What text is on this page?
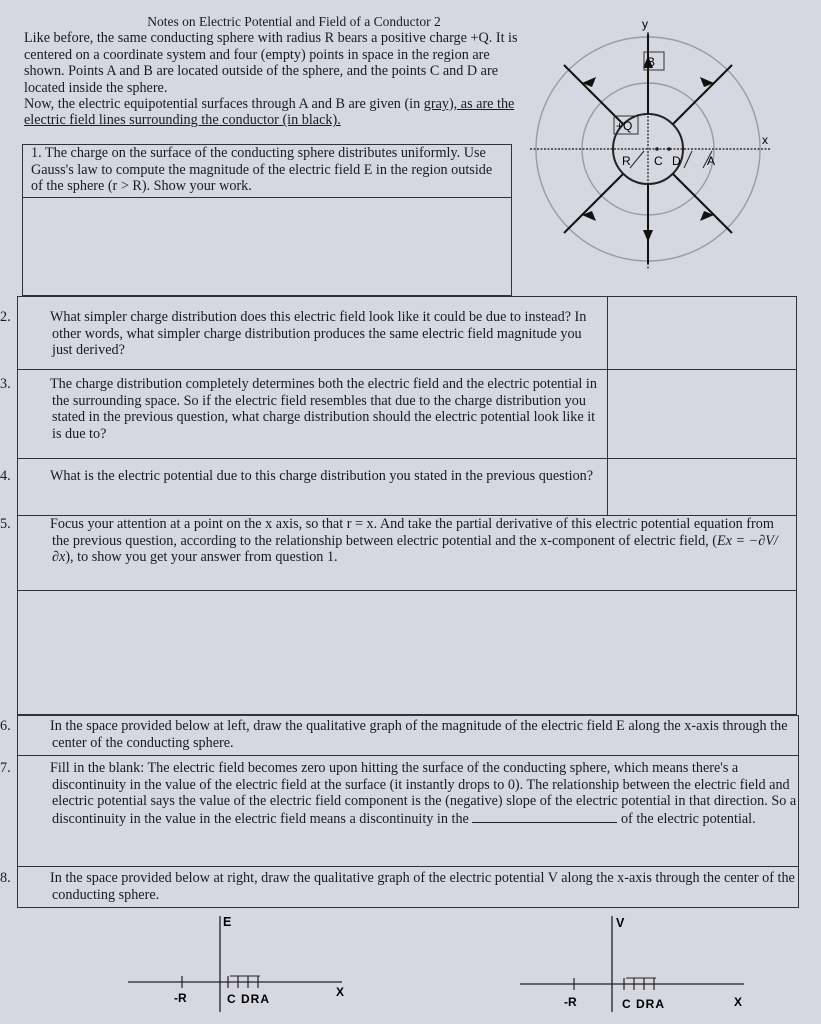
Notes on Electric Potential and Field of a Conductor 2
Like before, the same conducting sphere with radius R bears a positive charge +Q. It is centered on a coordinate system and four (empty) points in space in the region are shown. Points A and B are located outside of the sphere, and the points C and D are located inside the sphere.
Now, the electric equipotential surfaces through A and B are given (in gray), as are the electric field lines surrounding the conductor (in black).
y
x
B
+Q
R C D A
1. The charge on the surface of the conducting sphere distributes uniformly. Use Gauss's law to compute the magnitude of the electric field E in the region outside of the sphere (r > R). Show your work.
2.	What simpler charge distribution does this electric field look like it could be due to instead? In other words, what simpler charge distribution produces the same electric field magnitude you just derived?
3.	The charge distribution completely determines both the electric field and the electric potential in the surrounding space. So if the electric field resembles that due to the charge distribution you stated in the previous question, what charge distribution should the electric potential look like it is due to?
4.	What is the electric potential due to this charge distribution you stated in the previous question?
5.	Focus your attention at a point on the x axis, so that r = x. And take the partial derivative of this electric potential equation from the previous question, according to the relationship between electric potential and the x-component of electric field, (Ex = −∂V/∂x), to show you get your answer from question 1.
6.	In the space provided below at left, draw the qualitative graph of the magnitude of the electric field E along the x-axis through the center of the conducting sphere.
7.	Fill in the blank: The electric field becomes zero upon hitting the surface of the conducting sphere, which means there's a discontinuity in the value of the electric field at the surface (it instantly drops to 0). The relationship between the electric field and electric potential says the value of the electric field component is the (negative) slope of the electric potential in that direction. So a discontinuity in the value in the electric field means a discontinuity in the	of the electric potential.
8.	In the space provided below at right, draw the qualitative graph of the electric potential V along the x-axis through the center of the conducting sphere.
E
-R	C DRA	X
V
-R	C DRA	X
